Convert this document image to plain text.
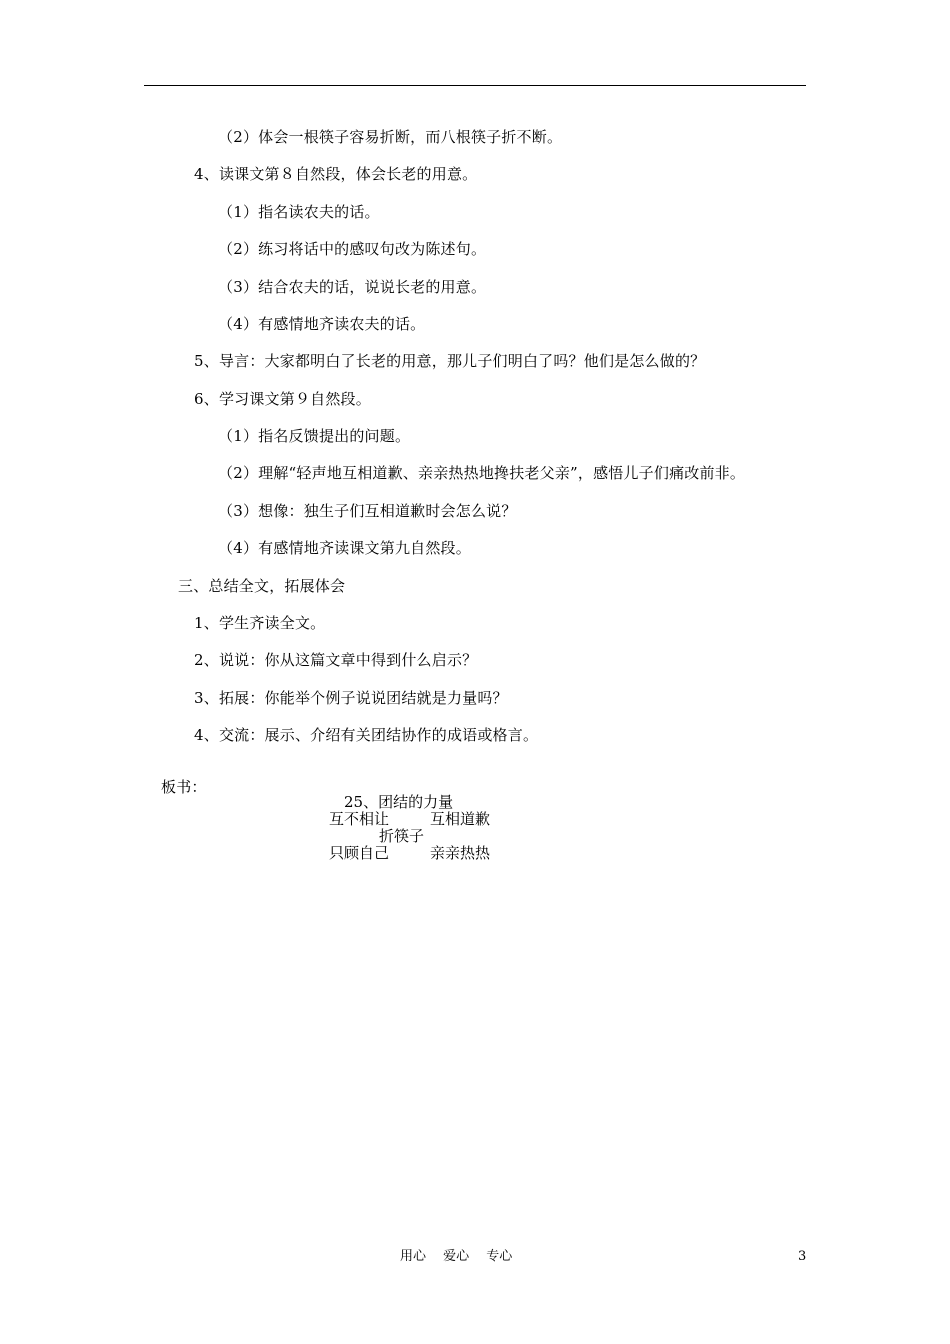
（2）体会一根筷子容易折断，而八根筷子折不断。
4、读课文第８自然段，体会长老的用意。
（1）指名读农夫的话。
（2）练习将话中的感叹句改为陈述句。
（3）结合农夫的话，说说长老的用意。
（4）有感情地齐读农夫的话。
5、导言：大家都明白了长老的用意，那儿子们明白了吗？他们是怎么做的？
6、学习课文第９自然段。
（1）指名反馈提出的问题。
（2）理解“轻声地互相道歉、亲亲热热地搀扶老父亲”，感悟儿子们痛改前非。
（3）想像：独生子们互相道歉时会怎么说？
（4）有感情地齐读课文第九自然段。
三、总结全文，拓展体会
1、学生齐读全文。
2、说说：你从这篇文章中得到什么启示？
3、拓展：你能举个例子说说团结就是力量吗？
4、交流：展示、介绍有关团结协作的成语或格言。
板书：
25、团结的力量
互不相让	互相道歉
折筷子
只顾自己	亲亲热热
用心　 爱心　 专心	3
